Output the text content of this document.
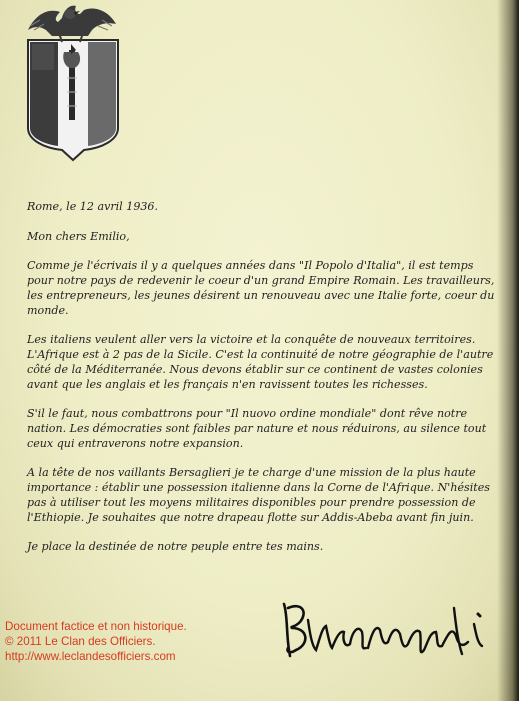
Rome, le 12 avril 1936.

Mon chers Emilio,

Comme je l'écrivais il y a quelques années dans "Il Popolo d'Italia", il est temps pour notre pays de redevenir le coeur d'un grand Empire Romain. Les travailleurs, les entrepreneurs, les jeunes désirent un renouveau avec une Italie forte, coeur du monde.

Les italiens veulent aller vers la victoire et la conquête de nouveaux territoires. L'Afrique est à 2 pas de la Sicile. C'est la continuité de notre géographie de l'autre côté de la Méditerranée. Nous devons établir sur ce continent de vastes colonies avant que les anglais et les français n'en ravissent toutes les richesses.

S'il le faut, nous combattrons pour "Il nuovo ordine mondiale" dont rêve notre nation. Les démocraties sont faibles par nature et nous réduirons, au silence tout ceux qui entraverons notre expansion.

A la tête de nos vaillants Bersaglieri je te charge d'une mission de la plus haute importance : établir une possession italienne dans la Corne de l'Afrique. N'hésites pas à utiliser tout les moyens militaires disponibles pour prendre possession de l'Ethiopie. Je souhaites que notre drapeau flotte sur Addis-Abeba avant fin juin.

Je place la destinée de notre peuple entre tes mains.

Document factice et non historique.
© 2011 Le Clan des Officiers.
http://www.leclandesofficiers.com
